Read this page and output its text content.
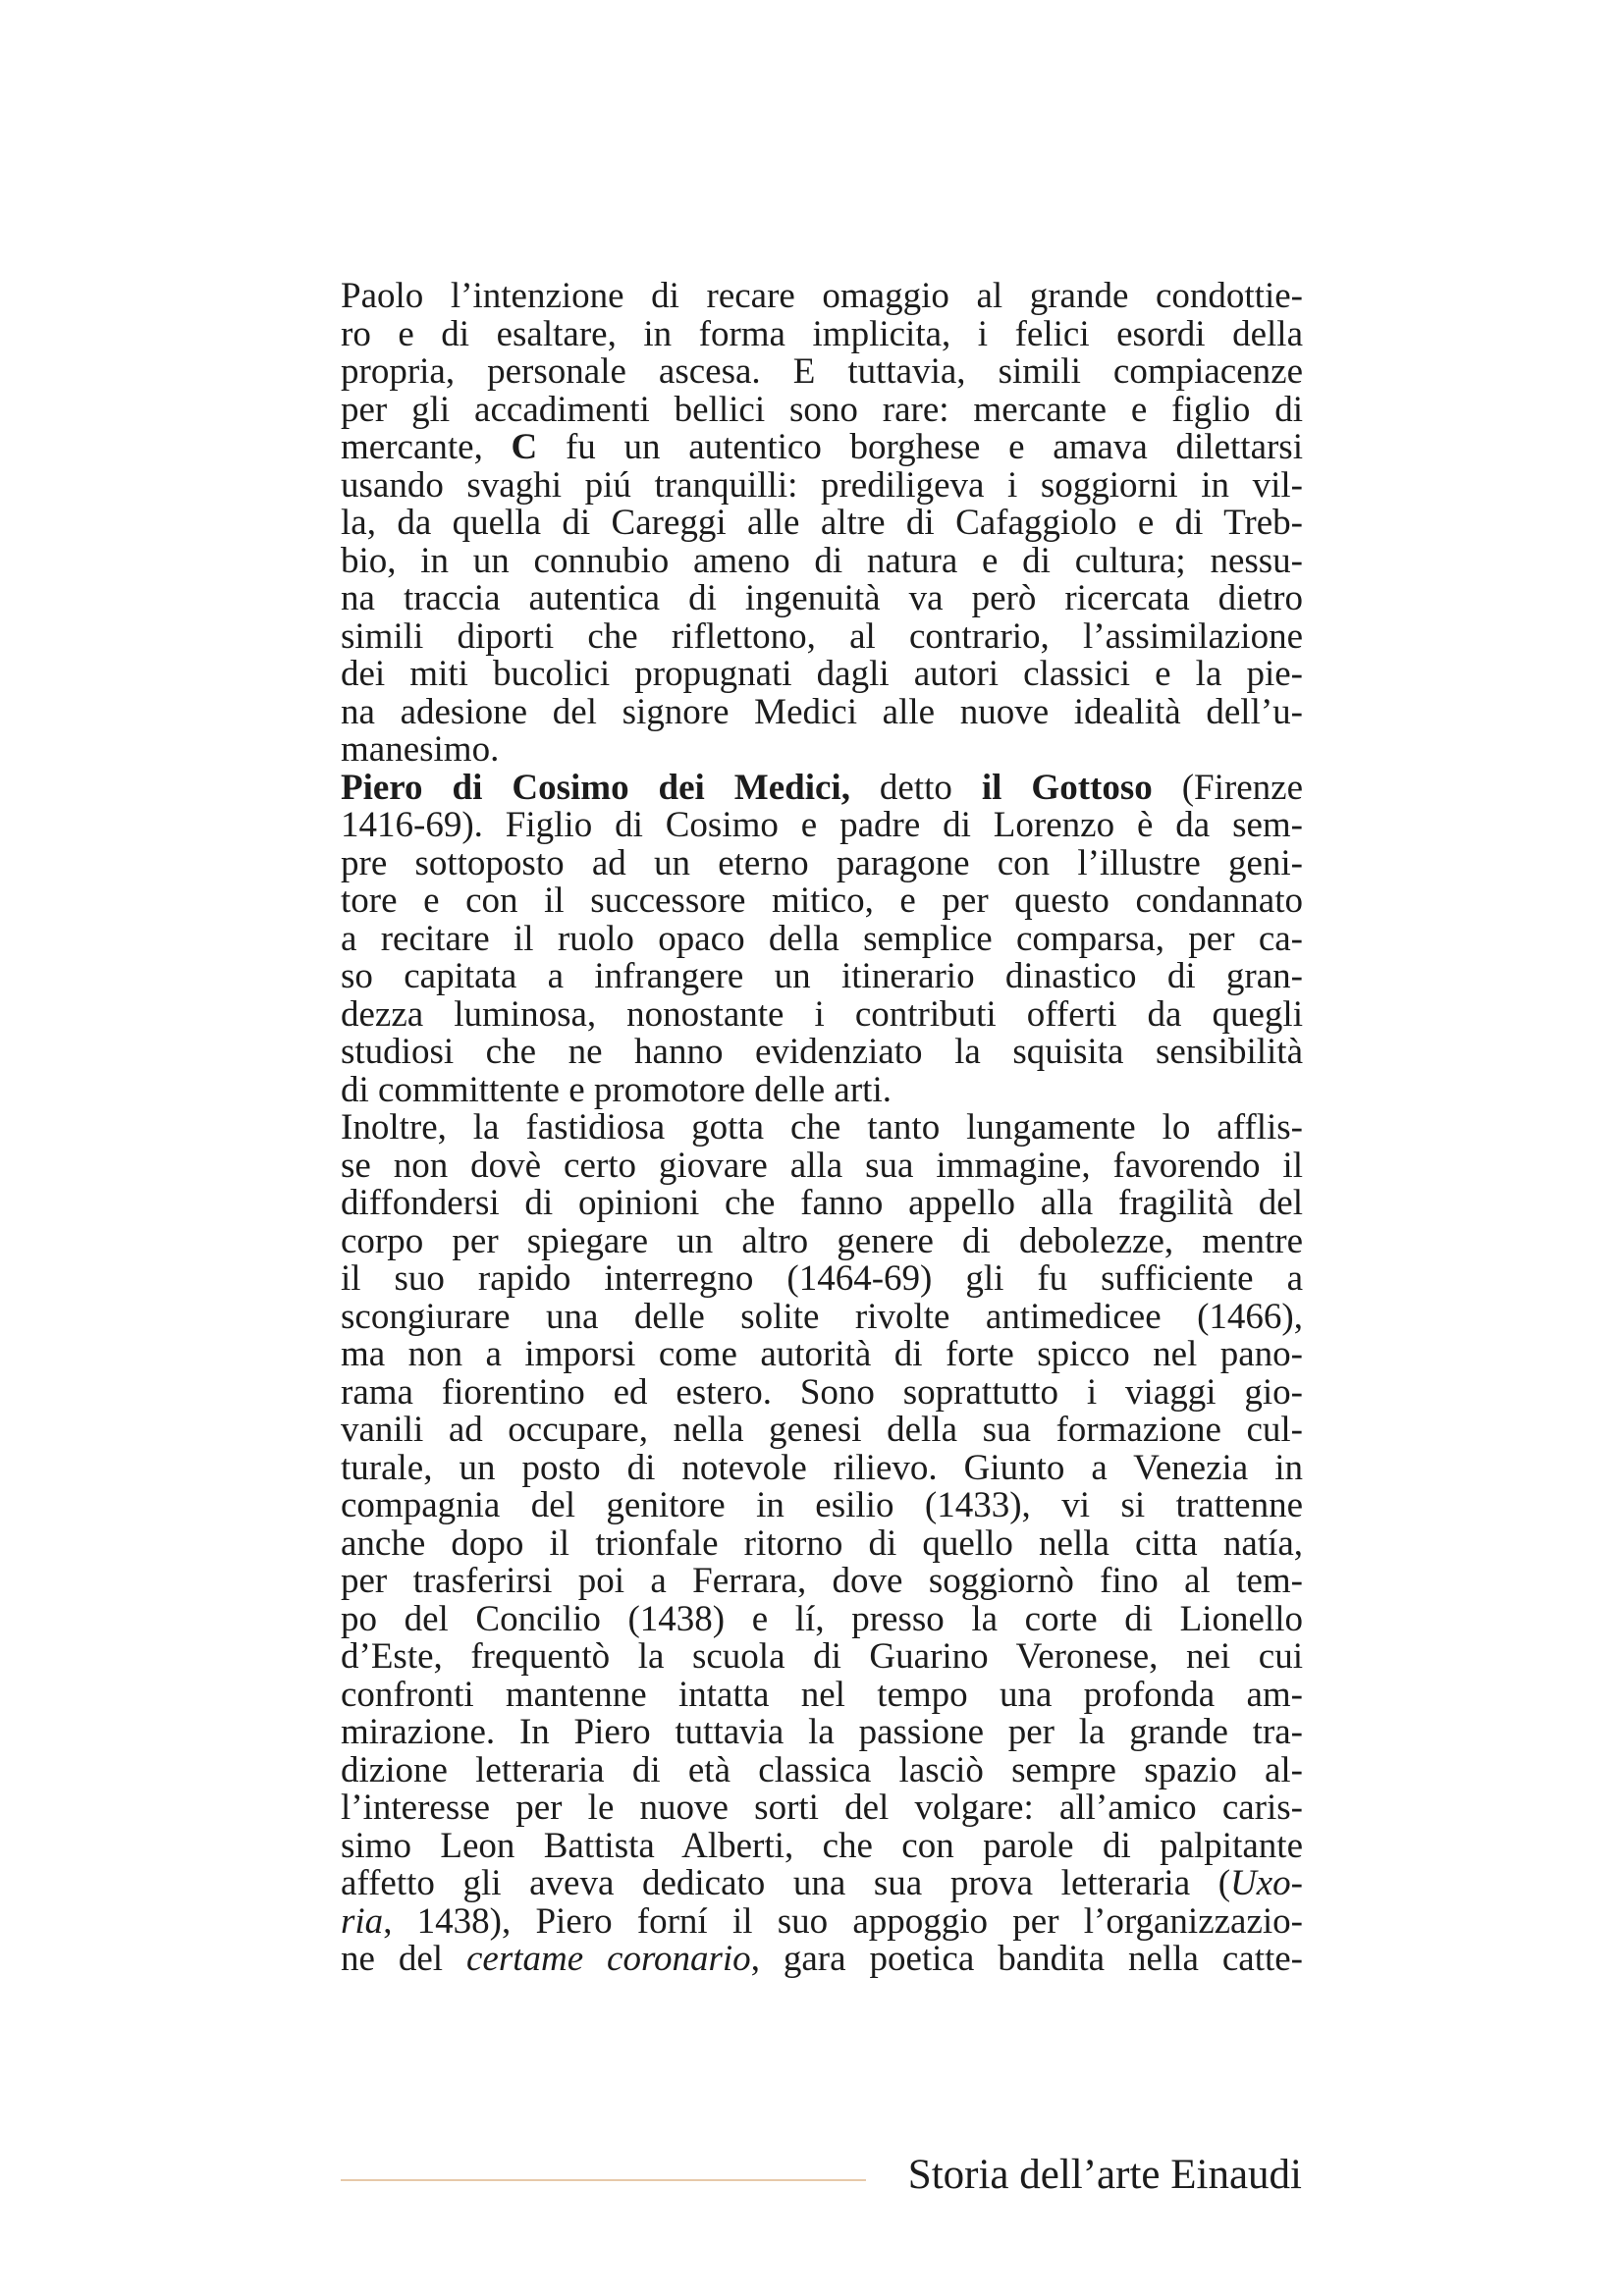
Paolo l’intenzione di recare omaggio al grande condottie-
ro e di esaltare, in forma implicita, i felici esordi della
propria, personale ascesa. E tuttavia, simili compiacenze
per gli accadimenti bellici sono rare: mercante e figlio di
mercante, C fu un autentico borghese e amava dilettarsi
usando svaghi piú tranquilli: prediligeva i soggiorni in vil-
la, da quella di Careggi alle altre di Cafaggiolo e di Treb-
bio, in un connubio ameno di natura e di cultura; nessu-
na traccia autentica di ingenuità va però ricercata dietro
simili diporti che riflettono, al contrario, l’assimilazione
dei miti bucolici propugnati dagli autori classici e la pie-
na adesione del signore Medici alle nuove idealità dell’u-
manesimo.
Piero di Cosimo dei Medici, detto il Gottoso (Firenze
1416-69). Figlio di Cosimo e padre di Lorenzo è da sem-
pre sottoposto ad un eterno paragone con l’illustre geni-
tore e con il successore mitico, e per questo condannato
a recitare il ruolo opaco della semplice comparsa, per ca-
so capitata a infrangere un itinerario dinastico di gran-
dezza luminosa, nonostante i contributi offerti da quegli
studiosi che ne hanno evidenziato la squisita sensibilità
di committente e promotore delle arti.
Inoltre, la fastidiosa gotta che tanto lungamente lo afflis-
se non dovè certo giovare alla sua immagine, favorendo il
diffondersi di opinioni che fanno appello alla fragilità del
corpo per spiegare un altro genere di debolezze, mentre
il suo rapido interregno (1464-69) gli fu sufficiente a
scongiurare una delle solite rivolte antimedicee (1466),
ma non a imporsi come autorità di forte spicco nel pano-
rama fiorentino ed estero. Sono soprattutto i viaggi gio-
vanili ad occupare, nella genesi della sua formazione cul-
turale, un posto di notevole rilievo. Giunto a Venezia in
compagnia del genitore in esilio (1433), vi si trattenne
anche dopo il trionfale ritorno di quello nella citta natía,
per trasferirsi poi a Ferrara, dove soggiornò fino al tem-
po del Concilio (1438) e lí, presso la corte di Lionello
d’Este, frequentò la scuola di Guarino Veronese, nei cui
confronti mantenne intatta nel tempo una profonda am-
mirazione. In Piero tuttavia la passione per la grande tra-
dizione letteraria di età classica lasciò sempre spazio al-
l’interesse per le nuove sorti del volgare: all’amico caris-
simo Leon Battista Alberti, che con parole di palpitante
affetto gli aveva dedicato una sua prova letteraria (Uxo-
ria, 1438), Piero forní il suo appoggio per l’organizzazio-
ne del certame coronario, gara poetica bandita nella catte-
Storia dell’arte Einaudi
